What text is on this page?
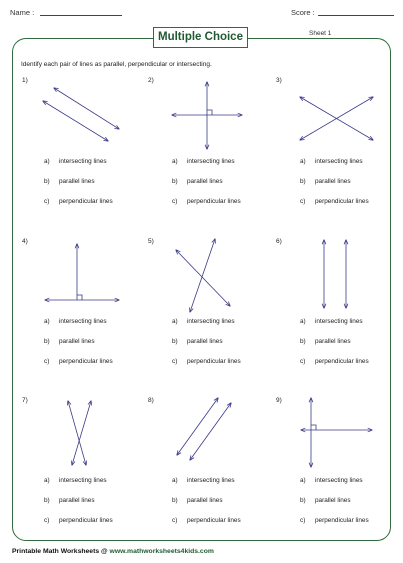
Name :	Score :
Multiple Choice	Sheet 1
Identify each pair of lines as parallel, perpendicular or intersecting.
1)	2)	3)
4)	5)	6)
7)	8)	9)
a) intersecting lines
b) parallel lines
c) perpendicular lines
a) intersecting lines
b) parallel lines
c) perpendicular lines
a) intersecting lines
b) parallel lines
c) perpendicular lines
a) intersecting lines
b) parallel lines
c) perpendicular lines
a) intersecting lines
b) parallel lines
c) perpendicular lines
a) intersecting lines
b) parallel lines
c) perpendicular lines
a) intersecting lines
b) parallel lines
c) perpendicular lines
a) intersecting lines
b) parallel lines
c) perpendicular lines
a) intersecting lines
b) parallel lines
c) perpendicular lines
Printable Math Worksheets @ www.mathworksheets4kids.com
